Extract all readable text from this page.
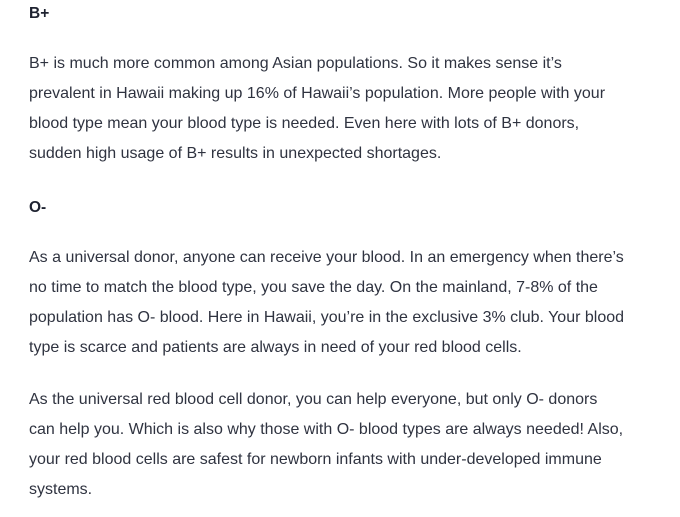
B+

B+ is much more common among Asian populations. So it makes sense it’s
prevalent in Hawaii making up 16% of Hawaii’s population. More people with your
blood type mean your blood type is needed. Even here with lots of B+ donors,
sudden high usage of B+ results in unexpected shortages.

O-

As a universal donor, anyone can receive your blood. In an emergency when there’s
no time to match the blood type, you save the day. On the mainland, 7-8% of the
population has O- blood. Here in Hawaii, you’re in the exclusive 3% club. Your blood
type is scarce and patients are always in need of your red blood cells.

As the universal red blood cell donor, you can help everyone, but only O- donors
can help you. Which is also why those with O- blood types are always needed! Also,
your red blood cells are safest for newborn infants with under-developed immune
systems.
